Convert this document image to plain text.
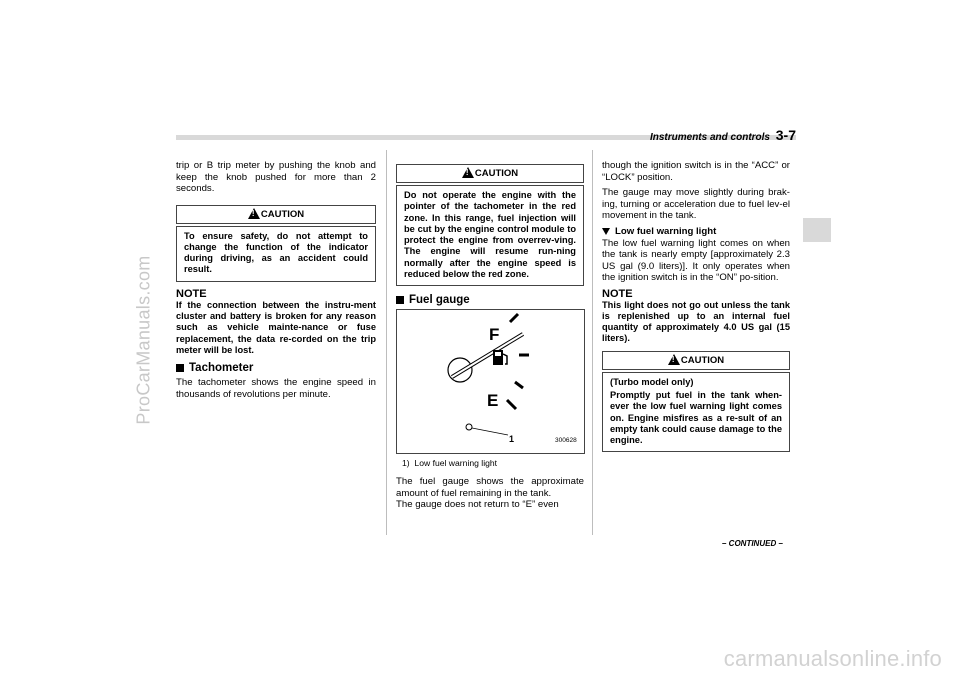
ProCarManuals.com
carmanualsonline.info
Instruments and controls 3-7

trip or B trip meter by pushing the knob and keep the knob pushed for more than 2 seconds.

!
CAUTION
To ensure safety, do not attempt to change the function of the indicator during driving, as an accident could result.
NOTE
If the connection between the instru-ment cluster and battery is broken for any reason such as vehicle mainte-nance or fuse replacement, the data re-corded on the trip meter will be lost.
Tachometer

The tachometer shows the engine speed in thousands of revolutions per minute.

!
CAUTION
Do not operate the engine with the pointer of the tachometer in the red zone. In this range, fuel injection will be cut by the engine control module to protect the engine from overrev-ving. The engine will resume run-ning normally after the engine speed is reduced below the red zone.
Fuel gauge
F
E
1	300628
1)  Low fuel warning light

The fuel gauge shows the approximate amount of fuel remaining in the tank.

The gauge does not return to “E” even

though the ignition switch is in the “ACC” or “LOCK” position.

The gauge may move slightly during brak-ing, turning or acceleration due to fuel lev-el movement in the tank.

Low fuel warning light

The low fuel warning light comes on when the tank is nearly empty [approximately 2.3 US gal (9.0 liters)]. It only operates when the ignition switch is in the “ON” po-sition.

NOTE
This light does not go out unless the tank is replenished up to an internal fuel quantity of approximately 4.0 US gal (15 liters).
!
CAUTION
(Turbo model only)
Promptly put fuel in the tank when-ever the low fuel warning light comes on. Engine misfires as a re-sult of an empty tank could cause damage to the engine.
– CONTINUED –
